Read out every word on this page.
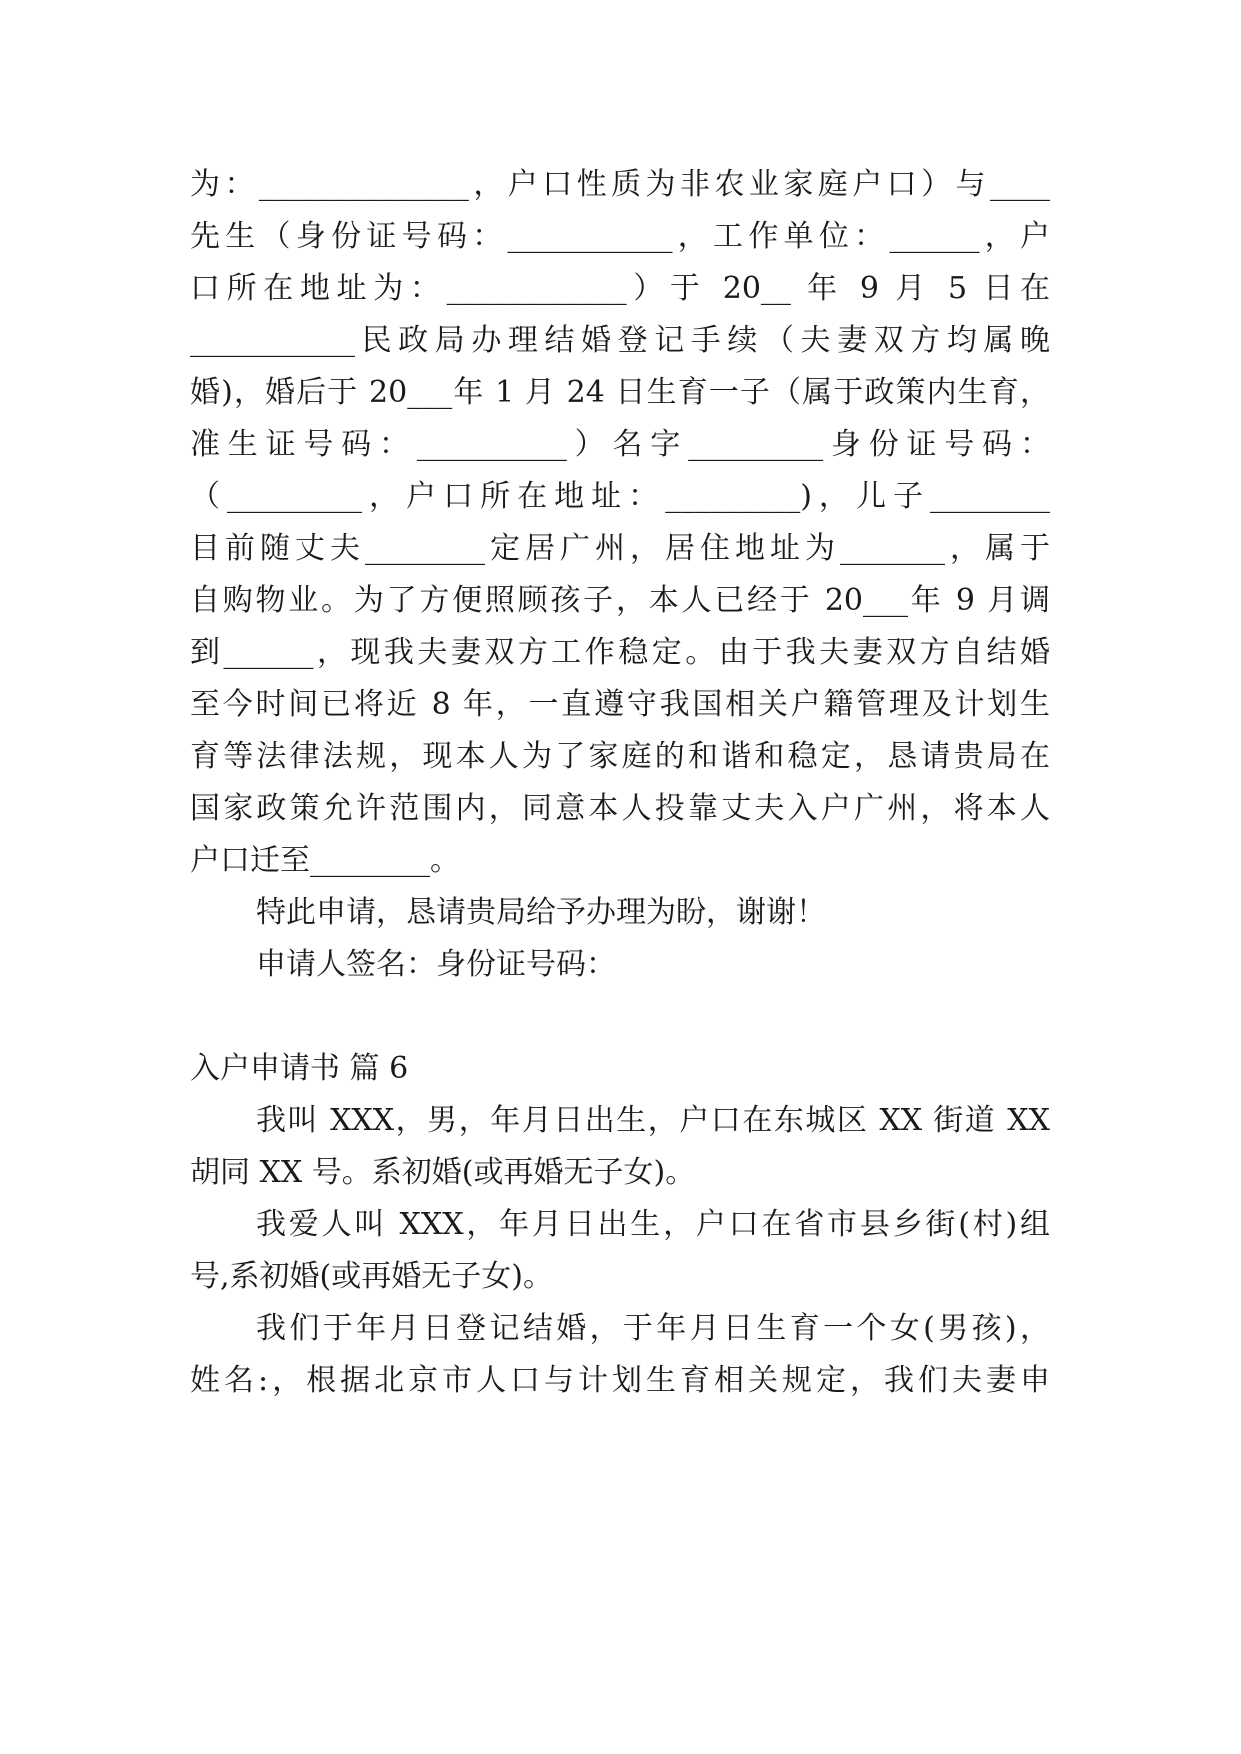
为：______________，户口性质为非农业家庭户口）与____
先生（身份证号码：___________，工作单位：______，户
口所在地址为：____________）于 20__ 年 9 月 5 日在
___________民政局办理结婚登记手续（夫妻双方均属晚
婚)，婚后于 20___年 1 月 24 日生育一子（属于政策内生育，
准生证号码：__________）名字_________身份证号码：
（_________，户口所在地址：_________)，儿子________
目前随丈夫________定居广州，居住地址为_______，属于
自购物业。为了方便照顾孩子，本人已经于 20___年 9 月调
到______，现我夫妻双方工作稳定。由于我夫妻双方自结婚
至今时间已将近 8 年，一直遵守我国相关户籍管理及计划生
育等法律法规，现本人为了家庭的和谐和稳定，恳请贵局在
国家政策允许范围内，同意本人投靠丈夫入户广州，将本人
户口迁至________。
特此申请，恳请贵局给予办理为盼，谢谢！
申请人签名：身份证号码：
入户申请书 篇 6
我叫 XXX，男，年月日出生，户口在东城区 XX 街道 XX
胡同 XX 号。系初婚(或再婚无子女)。
我爱人叫 XXX，年月日出生，户口在省市县乡街(村)组
号,系初婚(或再婚无子女)。
我们于年月日登记结婚，于年月日生育一个女(男孩)，
姓名:，根据北京市人口与计划生育相关规定，我们夫妻申
